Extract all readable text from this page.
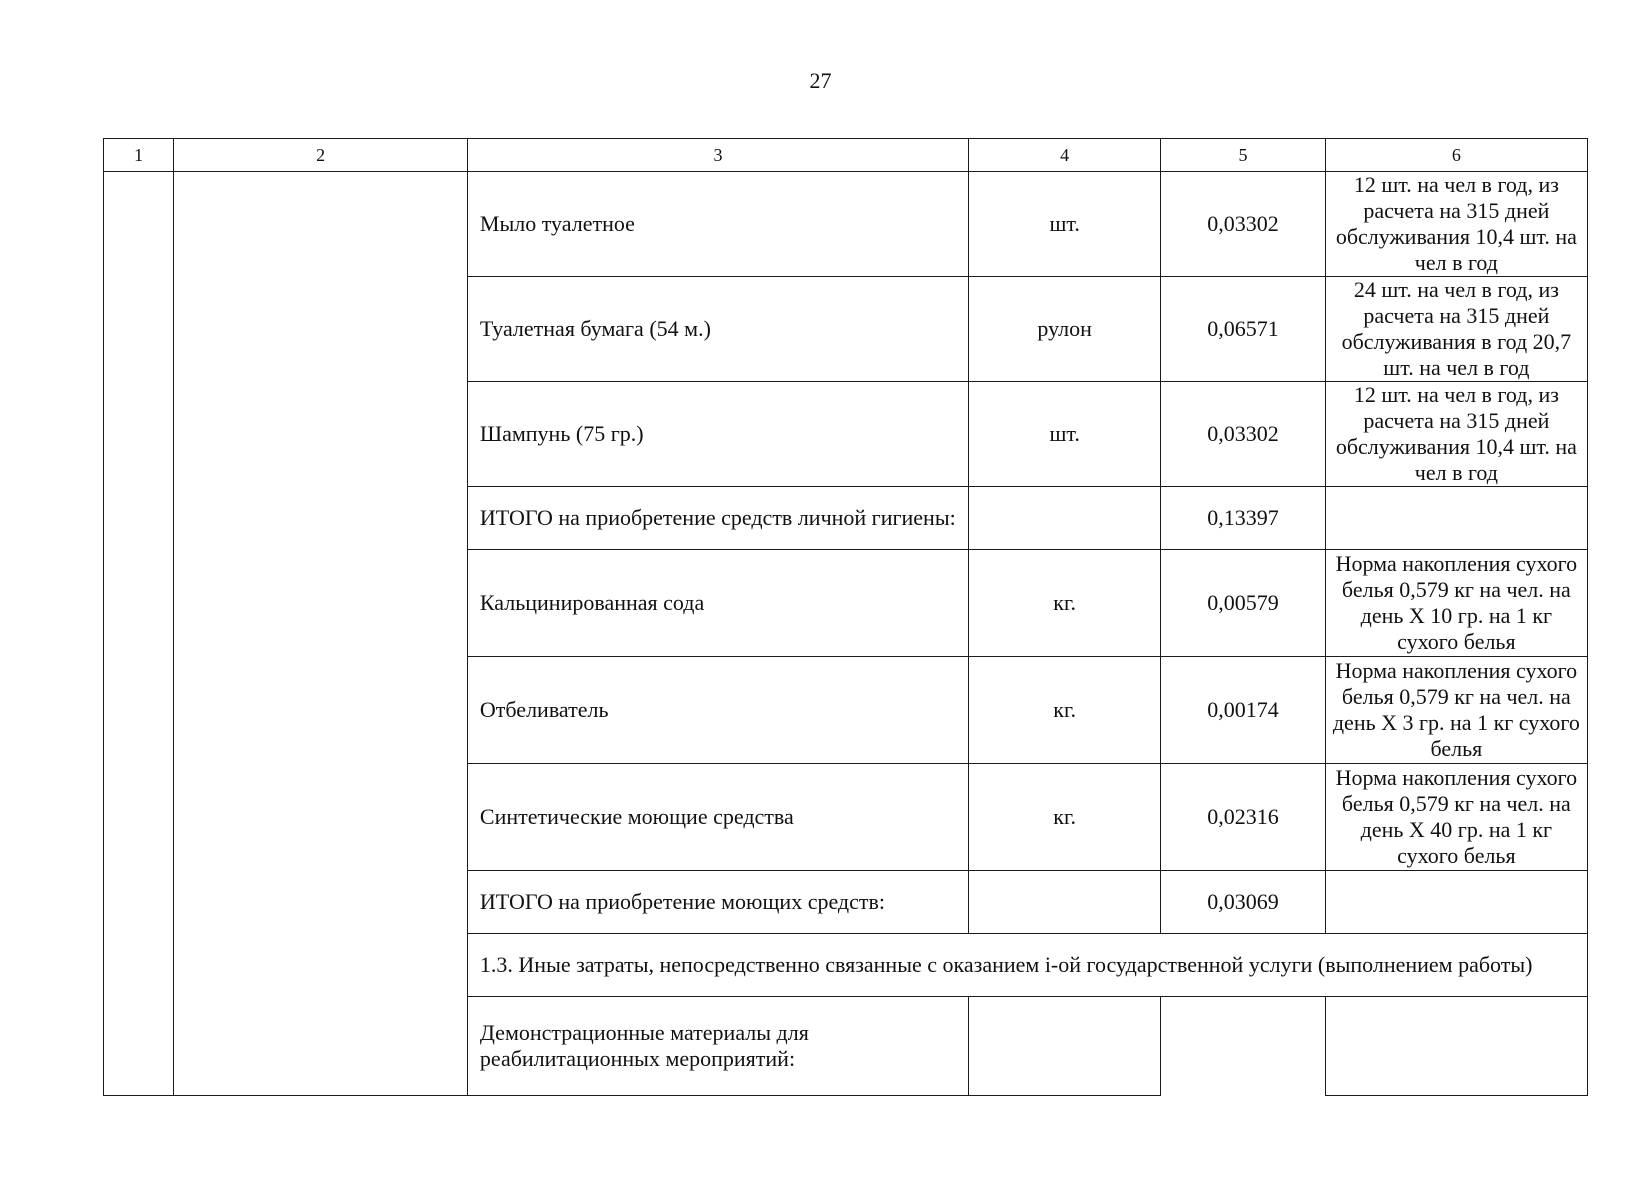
27
1	2	3	4	5	6
		Мыло туалетное	шт.	0,03302	12 шт. на чел в год, из расчета на 315 дней обслуживания 10,4 шт. на чел в год
		Туалетная бумага (54 м.)	рулон	0,06571	24 шт. на чел в год, из расчета на 315 дней обслуживания в год 20,7 шт. на чел в год
		Шампунь (75 гр.)	шт.	0,03302	12 шт. на чел в год, из расчета на 315 дней обслуживания 10,4 шт. на чел в год
		ИТОГО на приобретение средств личной гигиены:		0,13397	
		Кальцинированная сода	кг.	0,00579	Норма накопления сухого белья 0,579 кг на чел. на день Х 10 гр. на 1 кг сухого белья
		Отбеливатель	кг.	0,00174	Норма накопления сухого белья 0,579 кг на чел. на день Х 3 гр. на 1 кг сухого белья
		Синтетические моющие средства	кг.	0,02316	Норма накопления сухого белья 0,579 кг на чел. на день Х 40 гр. на 1 кг сухого белья
		ИТОГО на приобретение моющих средств:		0,03069	
		1.3. Иные затраты, непосредственно связанные с оказанием i-ой государственной услуги (выполнением работы)			
		Демонстрационные материалы для реабилитационных мероприятий:			
